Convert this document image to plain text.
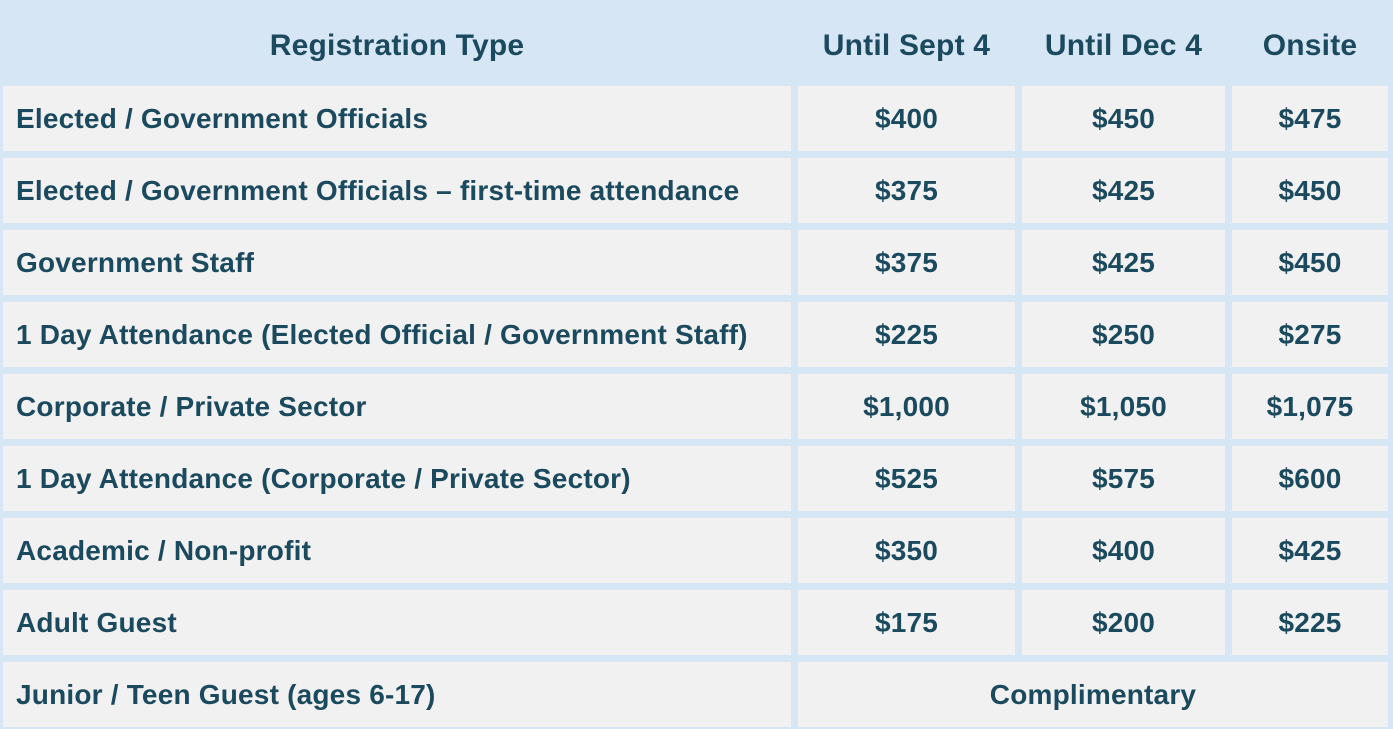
Registration Type	Until Sept 4	Until Dec 4	Onsite
Elected / Government Officials	$400	$450	$475
Elected / Government Officials – first-time attendance	$375	$425	$450
Government Staff	$375	$425	$450
1 Day Attendance (Elected Official / Government Staff)	$225	$250	$275
Corporate / Private Sector	$1,000	$1,050	$1,075
1 Day Attendance (Corporate / Private Sector)	$525	$575	$600
Academic / Non-profit	$350	$400	$425
Adult Guest	$175	$200	$225
Junior / Teen Guest (ages 6-17)	Complimentary
